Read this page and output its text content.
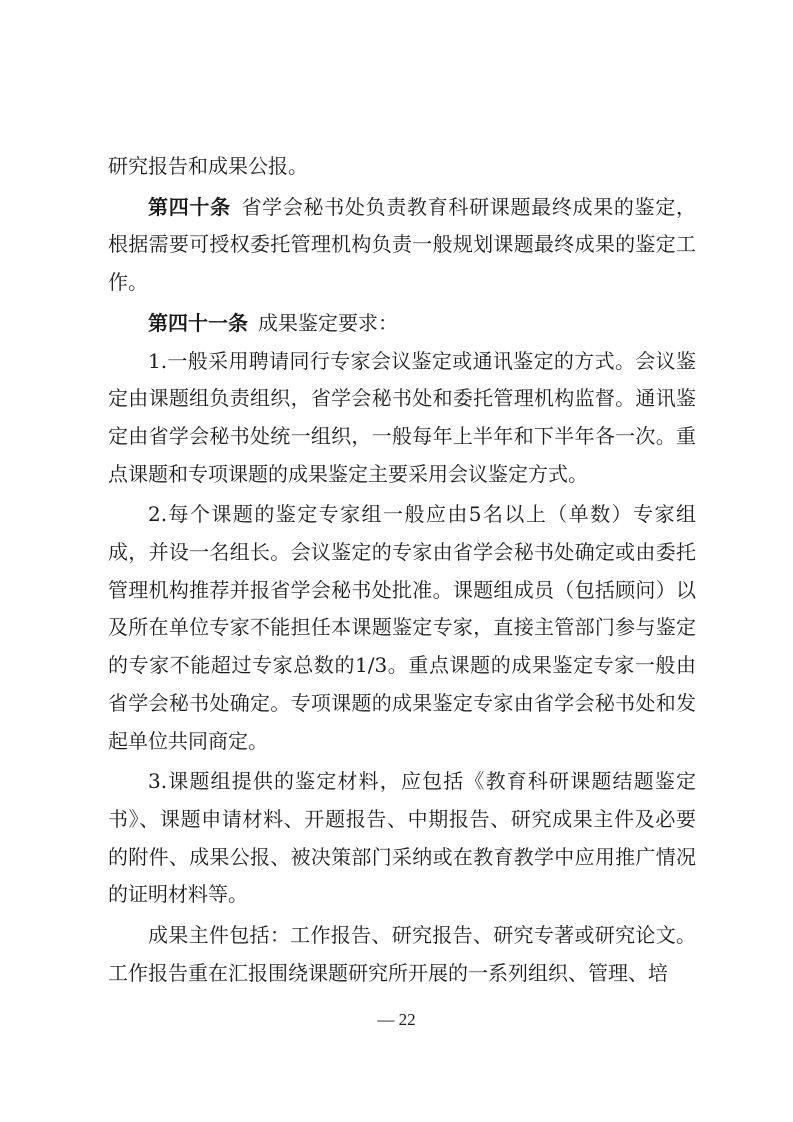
研究报告和成果公报。

第四十条  省学会秘书处负责教育科研课题最终成果的鉴定，根据需要可授权委托管理机构负责一般规划课题最终成果的鉴定工作。

第四十一条  成果鉴定要求：

1.一般采用聘请同行专家会议鉴定或通讯鉴定的方式。会议鉴定由课题组负责组织，省学会秘书处和委托管理机构监督。通讯鉴定由省学会秘书处统一组织，一般每年上半年和下半年各一次。重点课题和专项课题的成果鉴定主要采用会议鉴定方式。

2.每个课题的鉴定专家组一般应由5名以上（单数）专家组成，并设一名组长。会议鉴定的专家由省学会秘书处确定或由委托管理机构推荐并报省学会秘书处批准。课题组成员（包括顾问）以及所在单位专家不能担任本课题鉴定专家，直接主管部门参与鉴定的专家不能超过专家总数的1/3。重点课题的成果鉴定专家一般由省学会秘书处确定。专项课题的成果鉴定专家由省学会秘书处和发起单位共同商定。

3.课题组提供的鉴定材料，应包括《教育科研课题结题鉴定书》、课题申请材料、开题报告、中期报告、研究成果主件及必要的附件、成果公报、被决策部门采纳或在教育教学中应用推广情况的证明材料等。

成果主件包括：工作报告、研究报告、研究专著或研究论文。工作报告重在汇报围绕课题研究所开展的一系列组织、管理、培

— 22
